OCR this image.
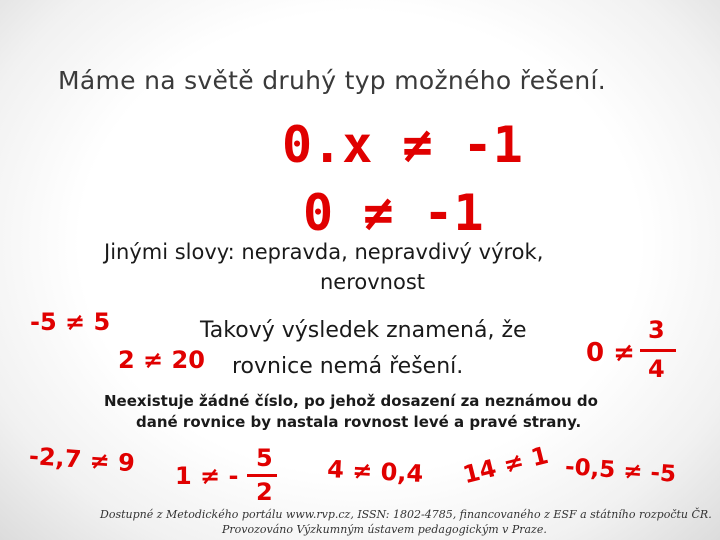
Máme na světě druhý typ možného řešení.
0.x ≠ -1
0 ≠ -1
Jinými slovy: nepravda, nepravdivý výrok,
nerovnost
-5 ≠ 5
2 ≠ 20
Takový výsledek znamená, že
rovnice nemá řešení.	0 ≠
3
4
Neexistuje žádné číslo, po jehož dosazení za neznámou do
dané rovnice by nastala rovnost levé a pravé strany.
-2,7 ≠ 9 1 ≠ -
5
2
4 ≠ 0,4 14 ≠ 1 -0,5 ≠ -5
Dostupné z Metodického portálu www.rvp.cz, ISSN: 1802-4785, financovaného z ESF a státního rozpočtu ČR.
Provozováno Výzkumným ústavem pedagogickým v Praze.
